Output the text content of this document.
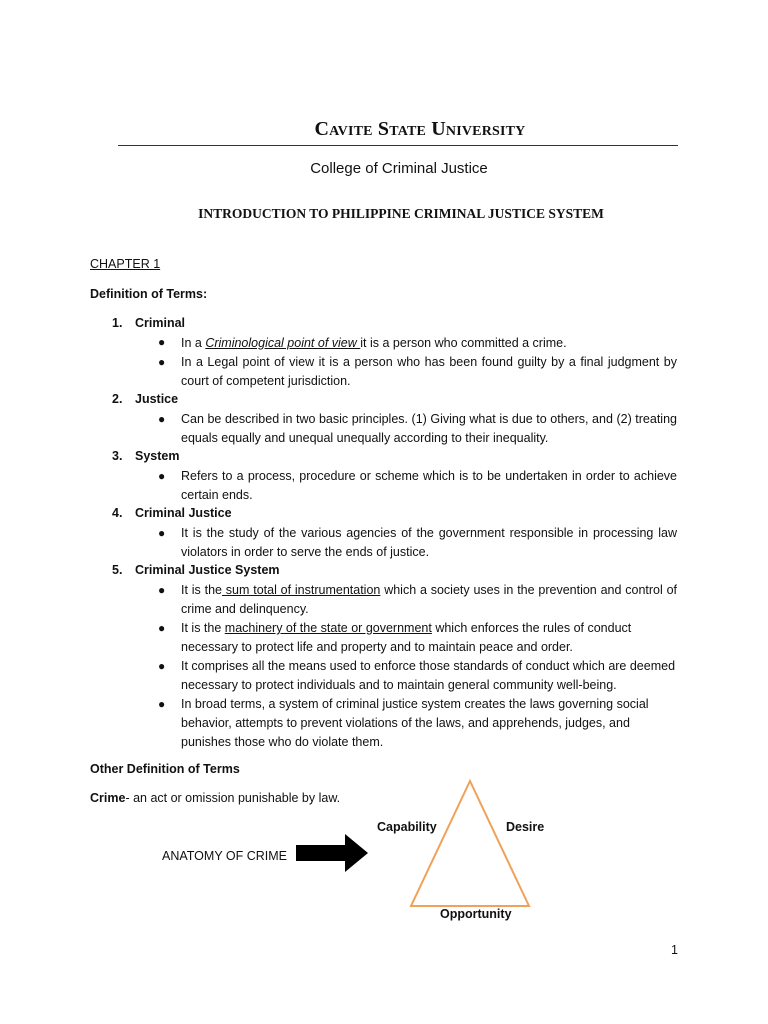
Cavite State University
College of Criminal Justice
INTRODUCTION TO PHILIPPINE CRIMINAL JUSTICE SYSTEM
CHAPTER 1
Definition of Terms:
1. Criminal
● In a Criminological point of view it is a person who committed a crime.
● In a Legal point of view it is a person who has been found guilty by a final judgment by court of competent jurisdiction.
2. Justice
● Can be described in two basic principles. (1) Giving what is due to others, and (2) treating equals equally and unequal unequally according to their inequality.
3. System
● Refers to a process, procedure or scheme which is to be undertaken in order to achieve certain ends.
4. Criminal Justice
● It is the study of the various agencies of the government responsible in processing law violators in order to serve the ends of justice.
5. Criminal Justice System
● It is the sum total of instrumentation which a society uses in the prevention and control of crime and delinquency.
● It is the machinery of the state or government which enforces the rules of conduct necessary to protect life and property and to maintain peace and order.
● It comprises all the means used to enforce those standards of conduct which are deemed necessary to protect individuals and to maintain general community well-being.
● In broad terms, a system of criminal justice system creates the laws governing social behavior, attempts to prevent violations of the laws, and apprehends, judges, and punishes those who do violate them.
Other Definition of Terms
Crime- an act or omission punishable by law.
ANATOMY OF CRIME
Capability	Desire
Opportunity
1
